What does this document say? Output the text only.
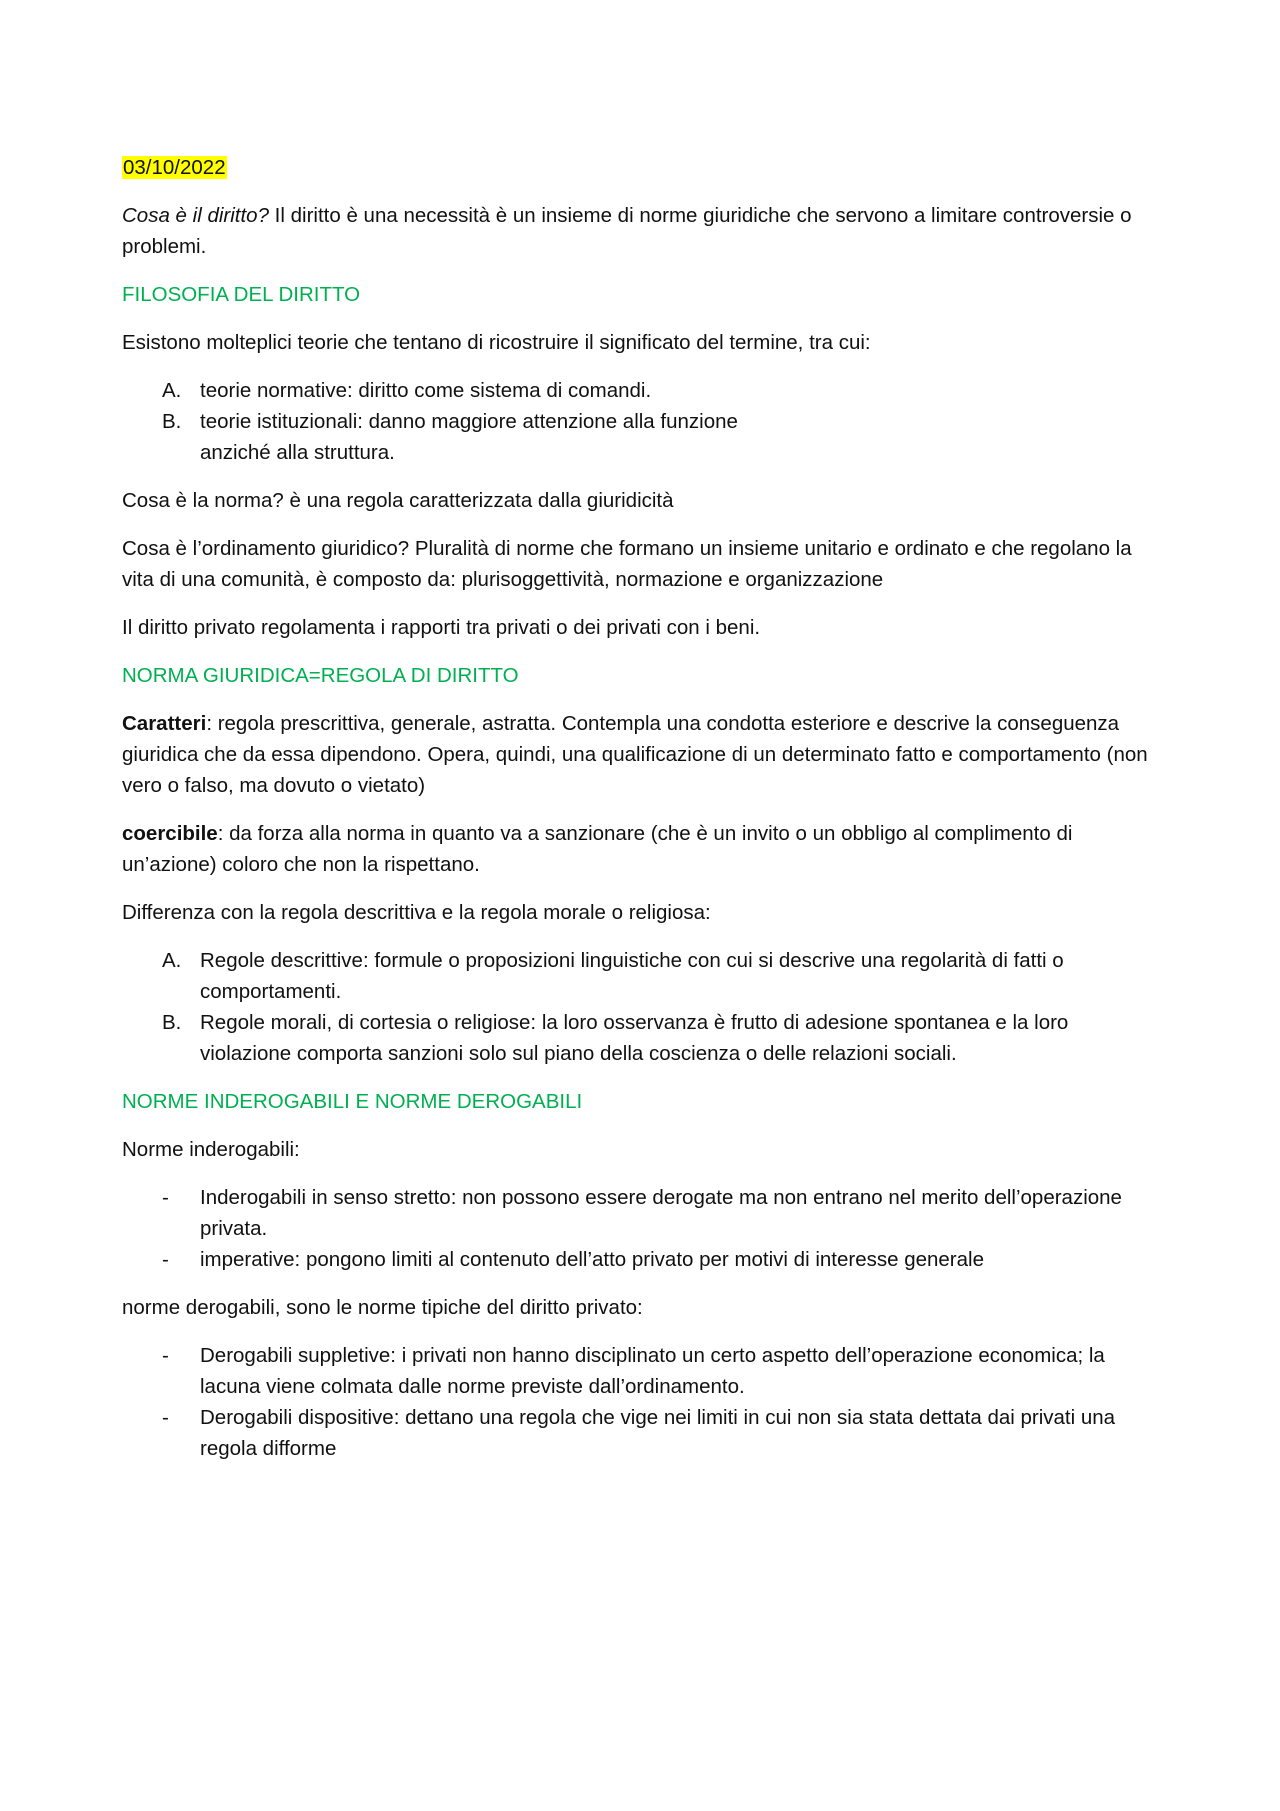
03/10/2022

Cosa è il diritto? Il diritto è una necessità è un insieme di norme giuridiche che servono a limitare controversie o problemi.

FILOSOFIA DEL DIRITTO

Esistono molteplici teorie che tentano di ricostruire il significato del termine, tra cui:

A. teorie normative: diritto come sistema di comandi.
B. teorie istituzionali: danno maggiore attenzione alla funzione
anziché alla struttura.

Cosa è la norma? è una regola caratterizzata dalla giuridicità

Cosa è l’ordinamento giuridico? Pluralità di norme che formano un insieme unitario e ordinato e che regolano la vita di una comunità, è composto da: plurisoggettività, normazione e organizzazione

Il diritto privato regolamenta i rapporti tra privati o dei privati con i beni.

NORMA GIURIDICA=REGOLA DI DIRITTO

Caratteri: regola prescrittiva, generale, astratta. Contempla una condotta esteriore e descrive la conseguenza giuridica che da essa dipendono. Opera, quindi, una qualificazione di un determinato fatto e comportamento (non vero o falso, ma dovuto o vietato)

coercibile: da forza alla norma in quanto va a sanzionare (che è un invito o un obbligo al complimento di un’azione) coloro che non la rispettano.

Differenza con la regola descrittiva e la regola morale o religiosa:

A. Regole descrittive: formule o proposizioni linguistiche con cui si descrive una regolarità di fatti o comportamenti.
B. Regole morali, di cortesia o religiose: la loro osservanza è frutto di adesione spontanea e la loro violazione comporta sanzioni solo sul piano della coscienza o delle relazioni sociali.

NORME INDEROGABILI E NORME DEROGABILI

Norme inderogabili:

- Inderogabili in senso stretto: non possono essere derogate ma non entrano nel merito dell’operazione privata.
- imperative: pongono limiti al contenuto dell’atto privato per motivi di interesse generale

norme derogabili, sono le norme tipiche del diritto privato:

- Derogabili suppletive: i privati non hanno disciplinato un certo aspetto dell’operazione economica; la lacuna viene colmata dalle norme previste dall’ordinamento.
- Derogabili dispositive: dettano una regola che vige nei limiti in cui non sia stata dettata dai privati una regola difforme
